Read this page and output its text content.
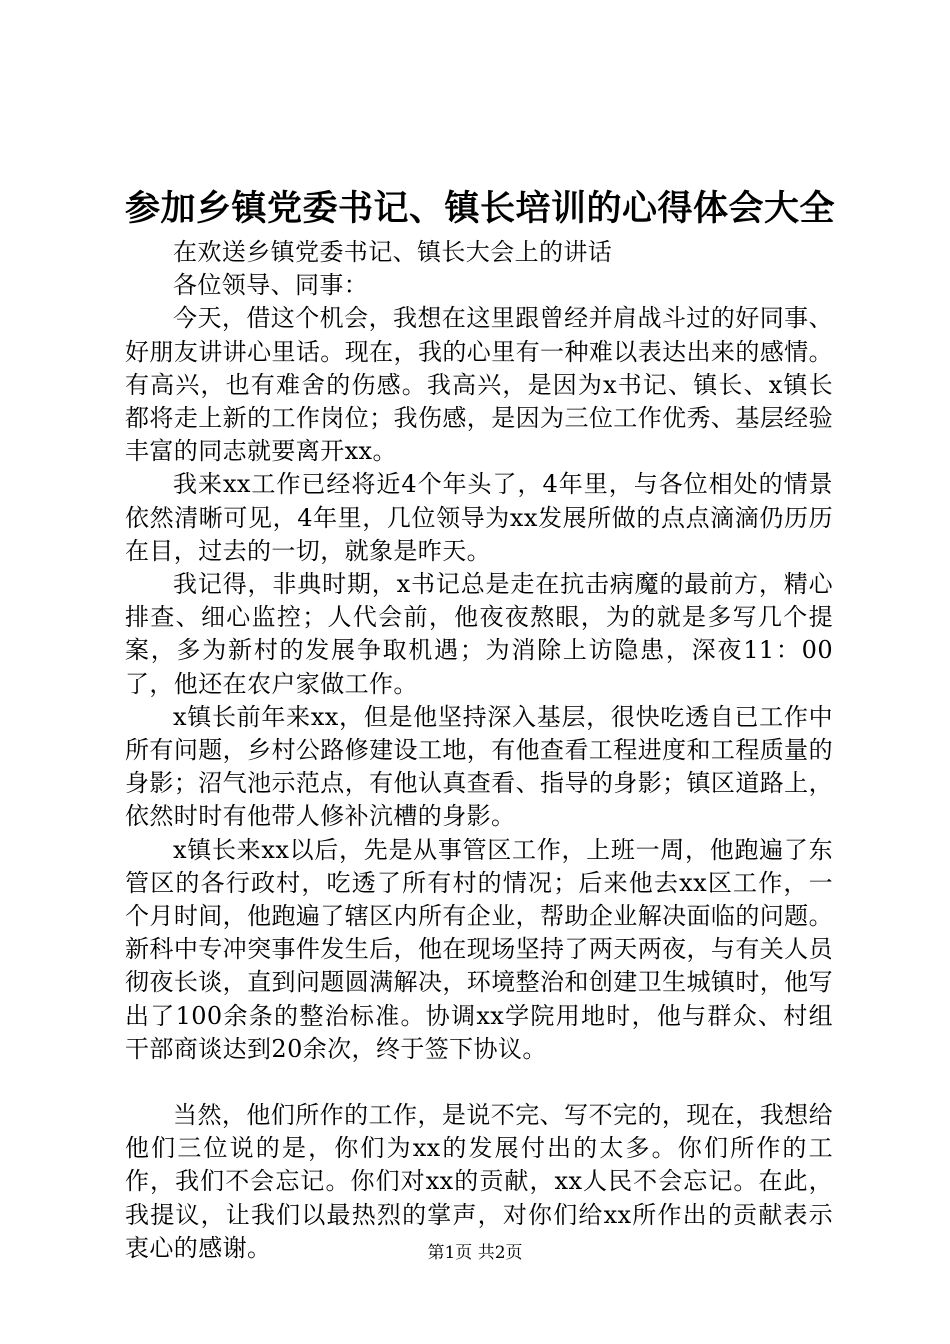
参加乡镇党委书记、镇长培训的心得体会大全

在欢送乡镇党委书记、镇长大会上的讲话

各位领导、同事：

今天，借这个机会，我想在这里跟曾经并肩战斗过的好同事、好朋友讲讲心里话。现在，我的心里有一种难以表达出来的感情。有高兴，也有难舍的伤感。我高兴，是因为x书记、镇长、x镇长都将走上新的工作岗位；我伤感，是因为三位工作优秀、基层经验丰富的同志就要离开xx。

我来xx工作已经将近4个年头了，4年里，与各位相处的情景依然清晰可见，4年里，几位领导为xx发展所做的点点滴滴仍历历在目，过去的一切，就象是昨天。

我记得，非典时期，x书记总是走在抗击病魔的最前方，精心排查、细心监控；人代会前，他夜夜熬眼，为的就是多写几个提案，多为新村的发展争取机遇；为消除上访隐患，深夜11：00了，他还在农户家做工作。

x镇长前年来xx，但是他坚持深入基层，很快吃透自已工作中所有问题，乡村公路修建设工地，有他查看工程进度和工程质量的身影；沼气池示范点，有他认真查看、指导的身影；镇区道路上，依然时时有他带人修补沆槽的身影。

x镇长来xx以后，先是从事管区工作，上班一周，他跑遍了东管区的各行政村，吃透了所有村的情况；后来他去xx区工作，一个月时间，他跑遍了辖区内所有企业，帮助企业解决面临的问题。新科中专冲突事件发生后，他在现场坚持了两天两夜，与有关人员彻夜长谈，直到问题圆满解决，环境整治和创建卫生城镇时，他写出了100余条的整治标准。协调xx学院用地时，他与群众、村组干部商谈达到20余次，终于签下协议。

当然，他们所作的工作，是说不完、写不完的，现在，我想给他们三位说的是，你们为xx的发展付出的太多。你们所作的工作，我们不会忘记。你们对xx的贡献，xx人民不会忘记。在此，我提议，让我们以最热烈的掌声，对你们给xx所作出的贡献表示衷心的感谢。	第1页 共2页
